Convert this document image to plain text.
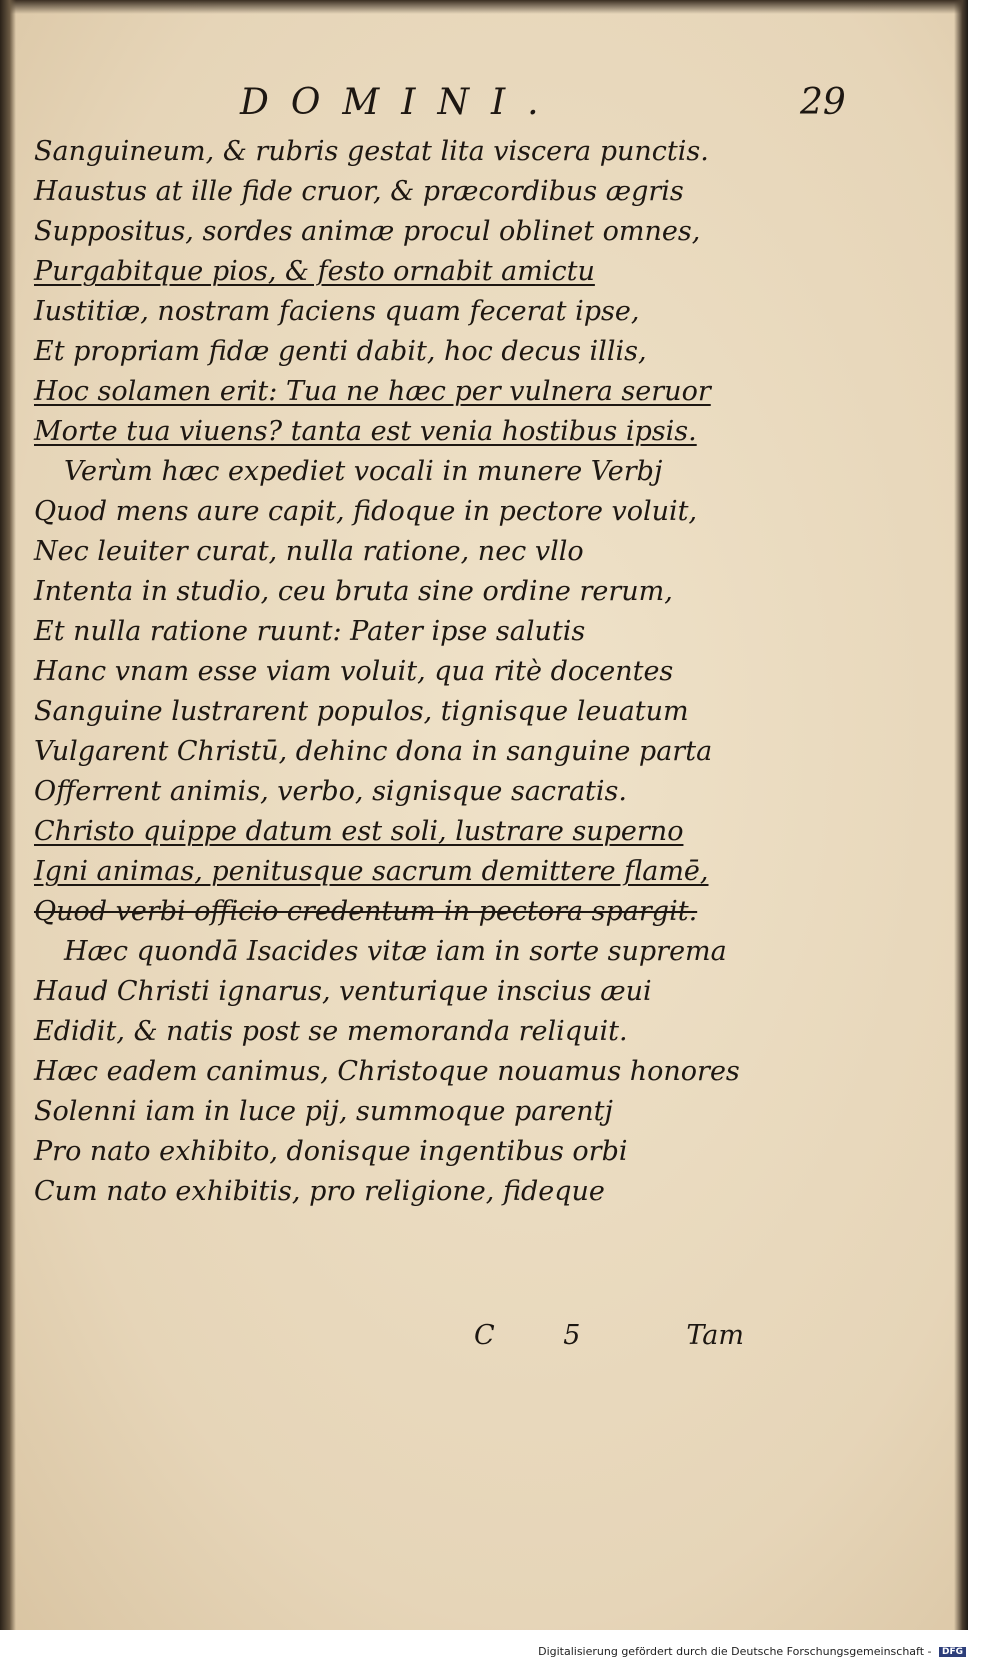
DOMINI.	29
Sanguineum, & rubris gestat lita viscera punctis.
Haustus at ille fide cruor, & præcordibus ægris
Suppositus, sordes animæ procul oblinet omnes,
Purgabitque pios, & festo ornabit amictu
Iustitiæ, nostram faciens quam fecerat ipse,
Et propriam fidæ genti dabit, hoc decus illis,
Hoc solamen erit: Tua ne hæc per vulnera seruor
Morte tua viuens? tanta est venia hostibus ipsis.
Verùm hæc expediet vocali in munere Verbj
Quod mens aure capit, fidoque in pectore voluit,
Nec leuiter curat, nulla ratione, nec vllo
Intenta in studio, ceu bruta sine ordine rerum,
Et nulla ratione ruunt: Pater ipse salutis
Hanc vnam esse viam voluit, qua ritè docentes
Sanguine lustrarent populos, tignisque leuatum
Vulgarent Christū, dehinc dona in sanguine parta
Offerrent animis, verbo, signisque sacratis.
Christo quippe datum est soli, lustrare superno
Igni animas, penitusque sacrum demittere flamē,
Quod verbi officio credentum in pectora spargit.
Hæc quondā Isacides vitæ iam in sorte suprema
Haud Christi ignarus, venturique inscius æui
Edidit, & natis post se memoranda reliquit.
Hæc eadem canimus, Christoque nouamus honores
Solenni iam in luce pij, summoque parentj
Pro nato exhibito, donisque ingentibus orbi
Cum nato exhibitis, pro religione, fideque
C 5	Tam
Digitalisierung gefördert durch die Deutsche Forschungsgemeinschaft - DFG
